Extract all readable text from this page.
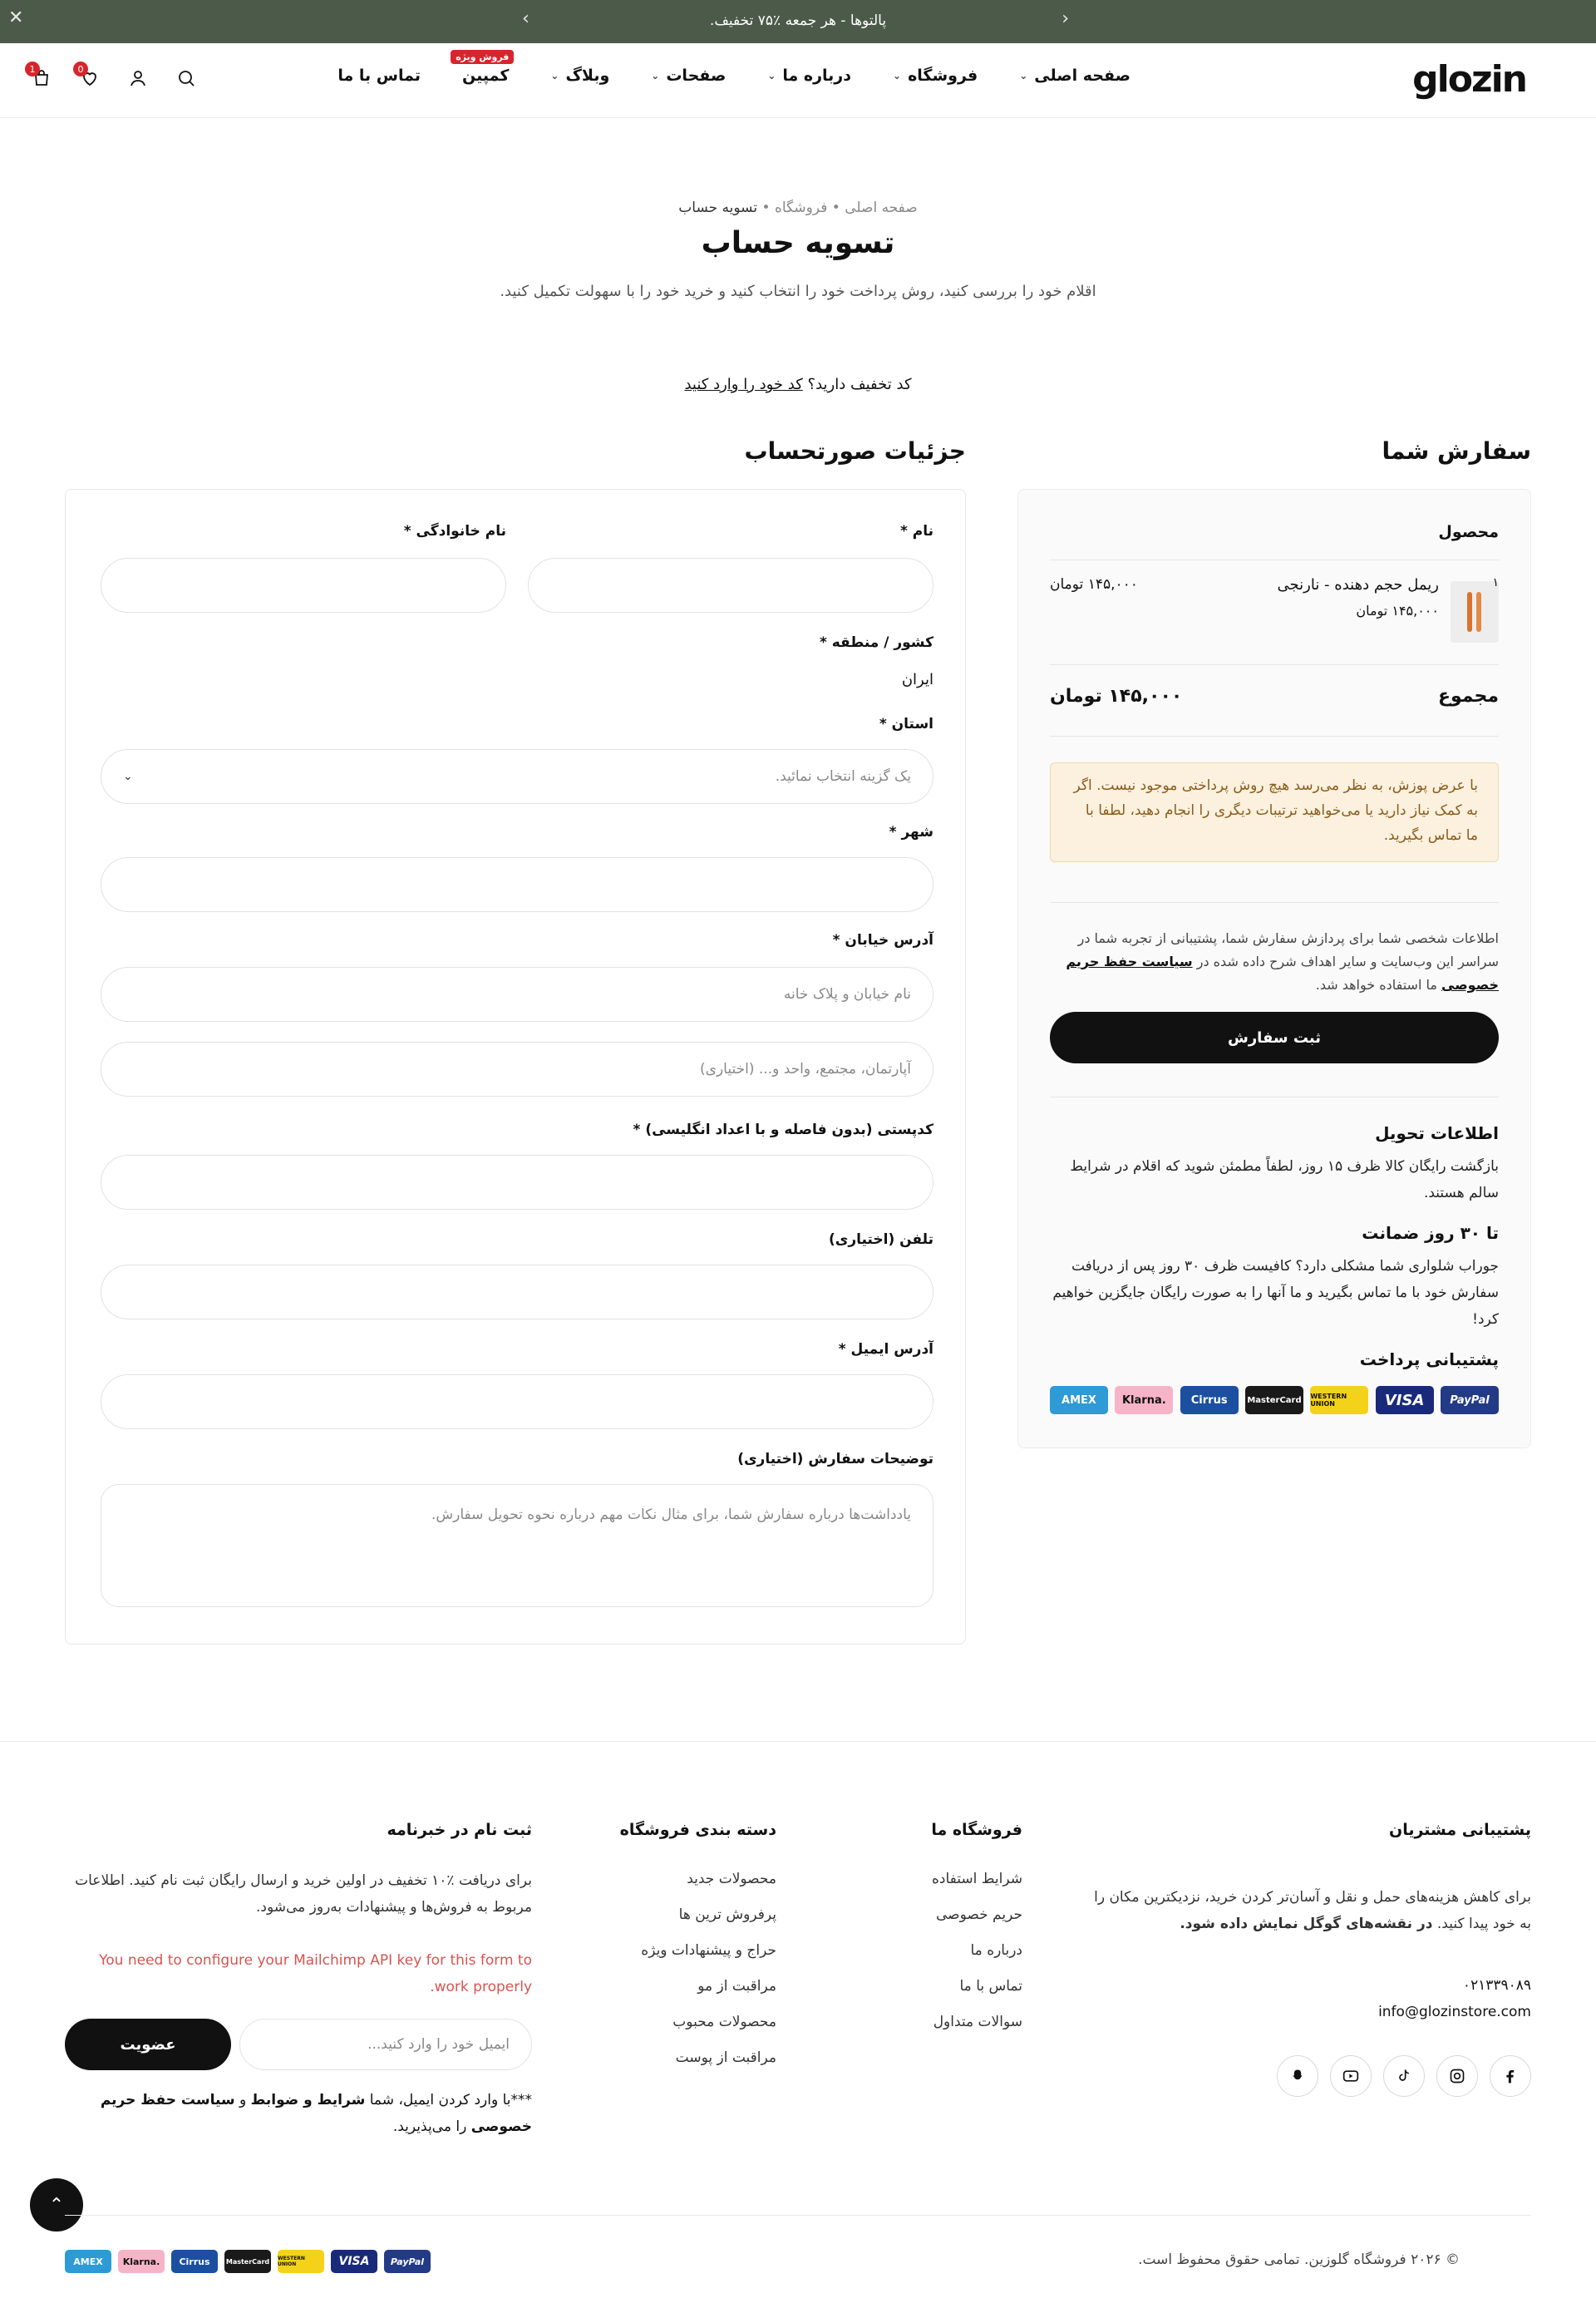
‹
پالتوها - هر جمعه ٪۷۵ تخفیف.
›
✕
glozin
صفحه اصلی
⌄
فروشگاه
⌄
درباره ما
⌄
صفحات
⌄
وبلاگ
⌄
فروش ویژه
کمپین
تماس با ما
1	0
صفحه اصلی • فروشگاه • تسویه حساب
تسویه حساب
اقلام خود را بررسی کنید، روش پرداخت خود را انتخاب کنید و خرید خود را با سهولت تکمیل کنید.
کد تخفیف دارید؟ کد خود را وارد کنید
جزئیات صورتحساب	سفارش شما
نام *
نام خانوادگی *
کشور / منطقه *
ایران
استان *
یک گزینه انتخاب نمائید.
⌄
شهر *
آدرس خیابان *
نام خیابان و پلاک خانه
آپارتمان، مجتمع، واحد و... (اختیاری)
کدپستی (بدون فاصله و با اعداد انگلیسی) *
تلفن (اختیاری)
آدرس ایمیل *
توضیحات سفارش (اختیاری)
یادداشت‌ها درباره سفارش شما، برای مثال نکات مهم درباره نحوه تحویل سفارش.
محصول
۱
ریمل حجم دهنده - نارنجی
۱۴۵,۰۰۰ تومان
۱۴۵,۰۰۰ تومان
مجموع
۱۴۵,۰۰۰ تومان
با عرض پوزش، به نظر می‌رسد هیچ روش پرداختی موجود نیست. اگر به کمک نیاز دارید یا می‌خواهید ترتیبات دیگری را انجام دهید، لطفا با ما تماس بگیرید.
اطلاعات شخصی شما برای پردازش سفارش شما، پشتیبانی از تجربه شما در سراسر این وب‌سایت و سایر اهداف شرح داده شده در سیاست حفظ حریم خصوصی ما استفاده خواهد شد.
ثبت سفارش
اطلاعات تحویل
بازگشت رایگان کالا ظرف ۱۵ روز، لطفاً مطمئن شوید که اقلام در شرایط سالم هستند.
تا ۳۰ روز ضمانت
جوراب شلواری شما مشکلی دارد؟ کافیست ظرف ۳۰ روز پس از دریافت سفارش خود با ما تماس بگیرید و ما آنها را به صورت رایگان جایگزین خواهیم کرد!
پشتیبانی پرداخت
AMEX	Klarna.	Cirrus	MasterCard WESTERN UNION	VISA	PayPal
پشتیبانی مشتریان
برای کاهش هزینه‌های حمل و نقل و آسان‌تر کردن خرید، نزدیکترین مکان را به خود پیدا کنید. در نقشه‌های گوگل نمایش داده شود.
۰۲۱۳۳۹۰۸۹
info@glozinstore.com
فروشگاه ما
شرایط استفاده
حریم خصوصی
درباره ما
تماس با ما
سوالات متداول
دسته بندی فروشگاه
محصولات جدید
پرفروش ترین ها
حراج و پیشنهادات ویژه
مراقبت از مو
محصولات محبوب
مراقبت از پوست
ثبت نام در خبرنامه
برای دریافت ٪۱۰ تخفیف در اولین خرید و ارسال رایگان ثبت نام کنید. اطلاعات مربوط به فروش‌ها و پیشنهادات به‌روز می‌شود.
You need to configure your Mailchimp API key for this form to work properly.
ایمیل خود را وارد کنید...
عضویت
***با وارد کردن ایمیل، شما شرایط و ضوابط و سیاست حفظ حریم خصوصی را می‌پذیرید.
⌃
© ۲۰۲۶ فروشگاه گلوزین. تمامی حقوق محفوظ است.
AMEX	Klarna.	Cirrus	MasterCard	WESTERN UNION	VISA	PayPal
